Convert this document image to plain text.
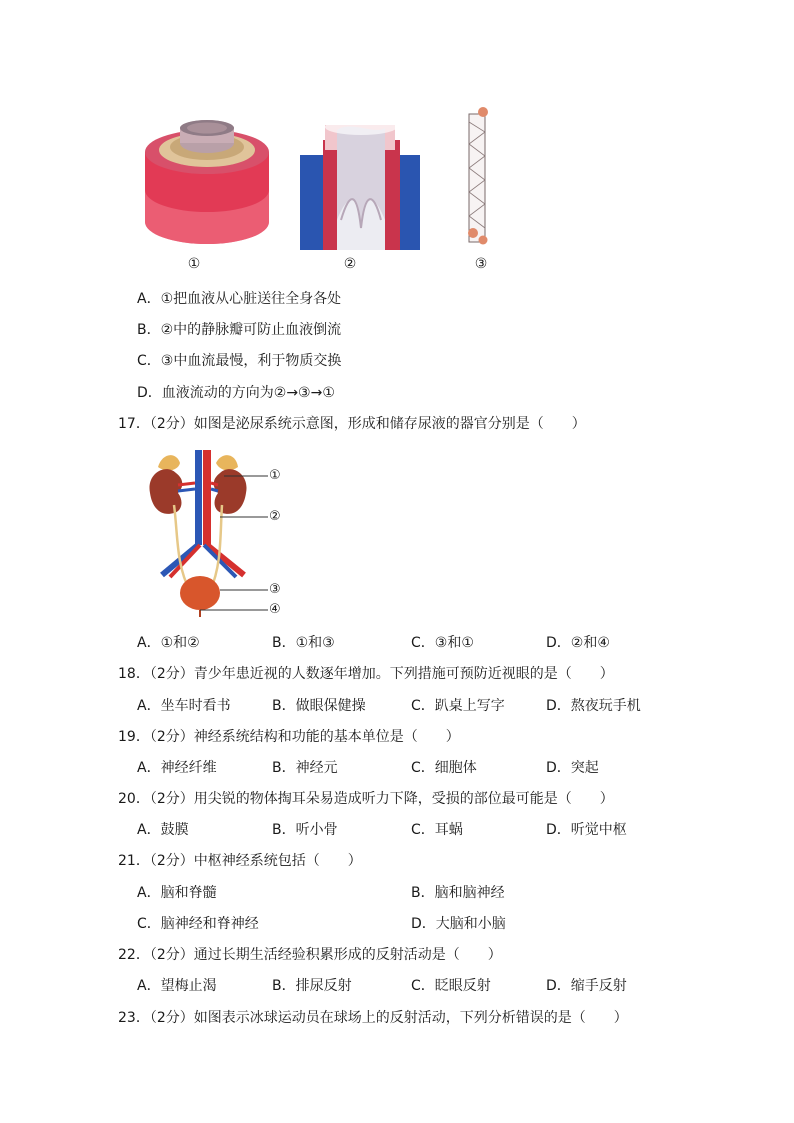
①	②	③
A．①把血液从心脏送往全身各处
B．②中的静脉瓣可防止血液倒流
C．③中血流最慢，利于物质交换
D．血液流动的方向为②→③→①
17．（2分）如图是泌尿系统示意图，形成和储存尿液的器官分别是（　　）
①
②
③
④
A．①和②	B．①和③	C．③和①	D．②和④
18．（2分）青少年患近视的人数逐年增加。下列措施可预防近视眼的是（　　）
A．坐车时看书	B．做眼保健操	C．趴桌上写字	D．熬夜玩手机
19．（2分）神经系统结构和功能的基本单位是（　　）
A．神经纤维	B．神经元	C．细胞体	D．突起
20．（2分）用尖锐的物体掏耳朵易造成听力下降，受损的部位最可能是（　　）
A．鼓膜	B．听小骨	C．耳蜗	D．听觉中枢
21．（2分）中枢神经系统包括（　　）
A．脑和脊髓	B．脑和脑神经
C．脑神经和脊神经	D．大脑和小脑
22．（2分）通过长期生活经验积累形成的反射活动是（　　）
A．望梅止渴	B．排尿反射	C．眨眼反射	D．缩手反射
23．（2分）如图表示冰球运动员在球场上的反射活动，下列分析错误的是（　　）
